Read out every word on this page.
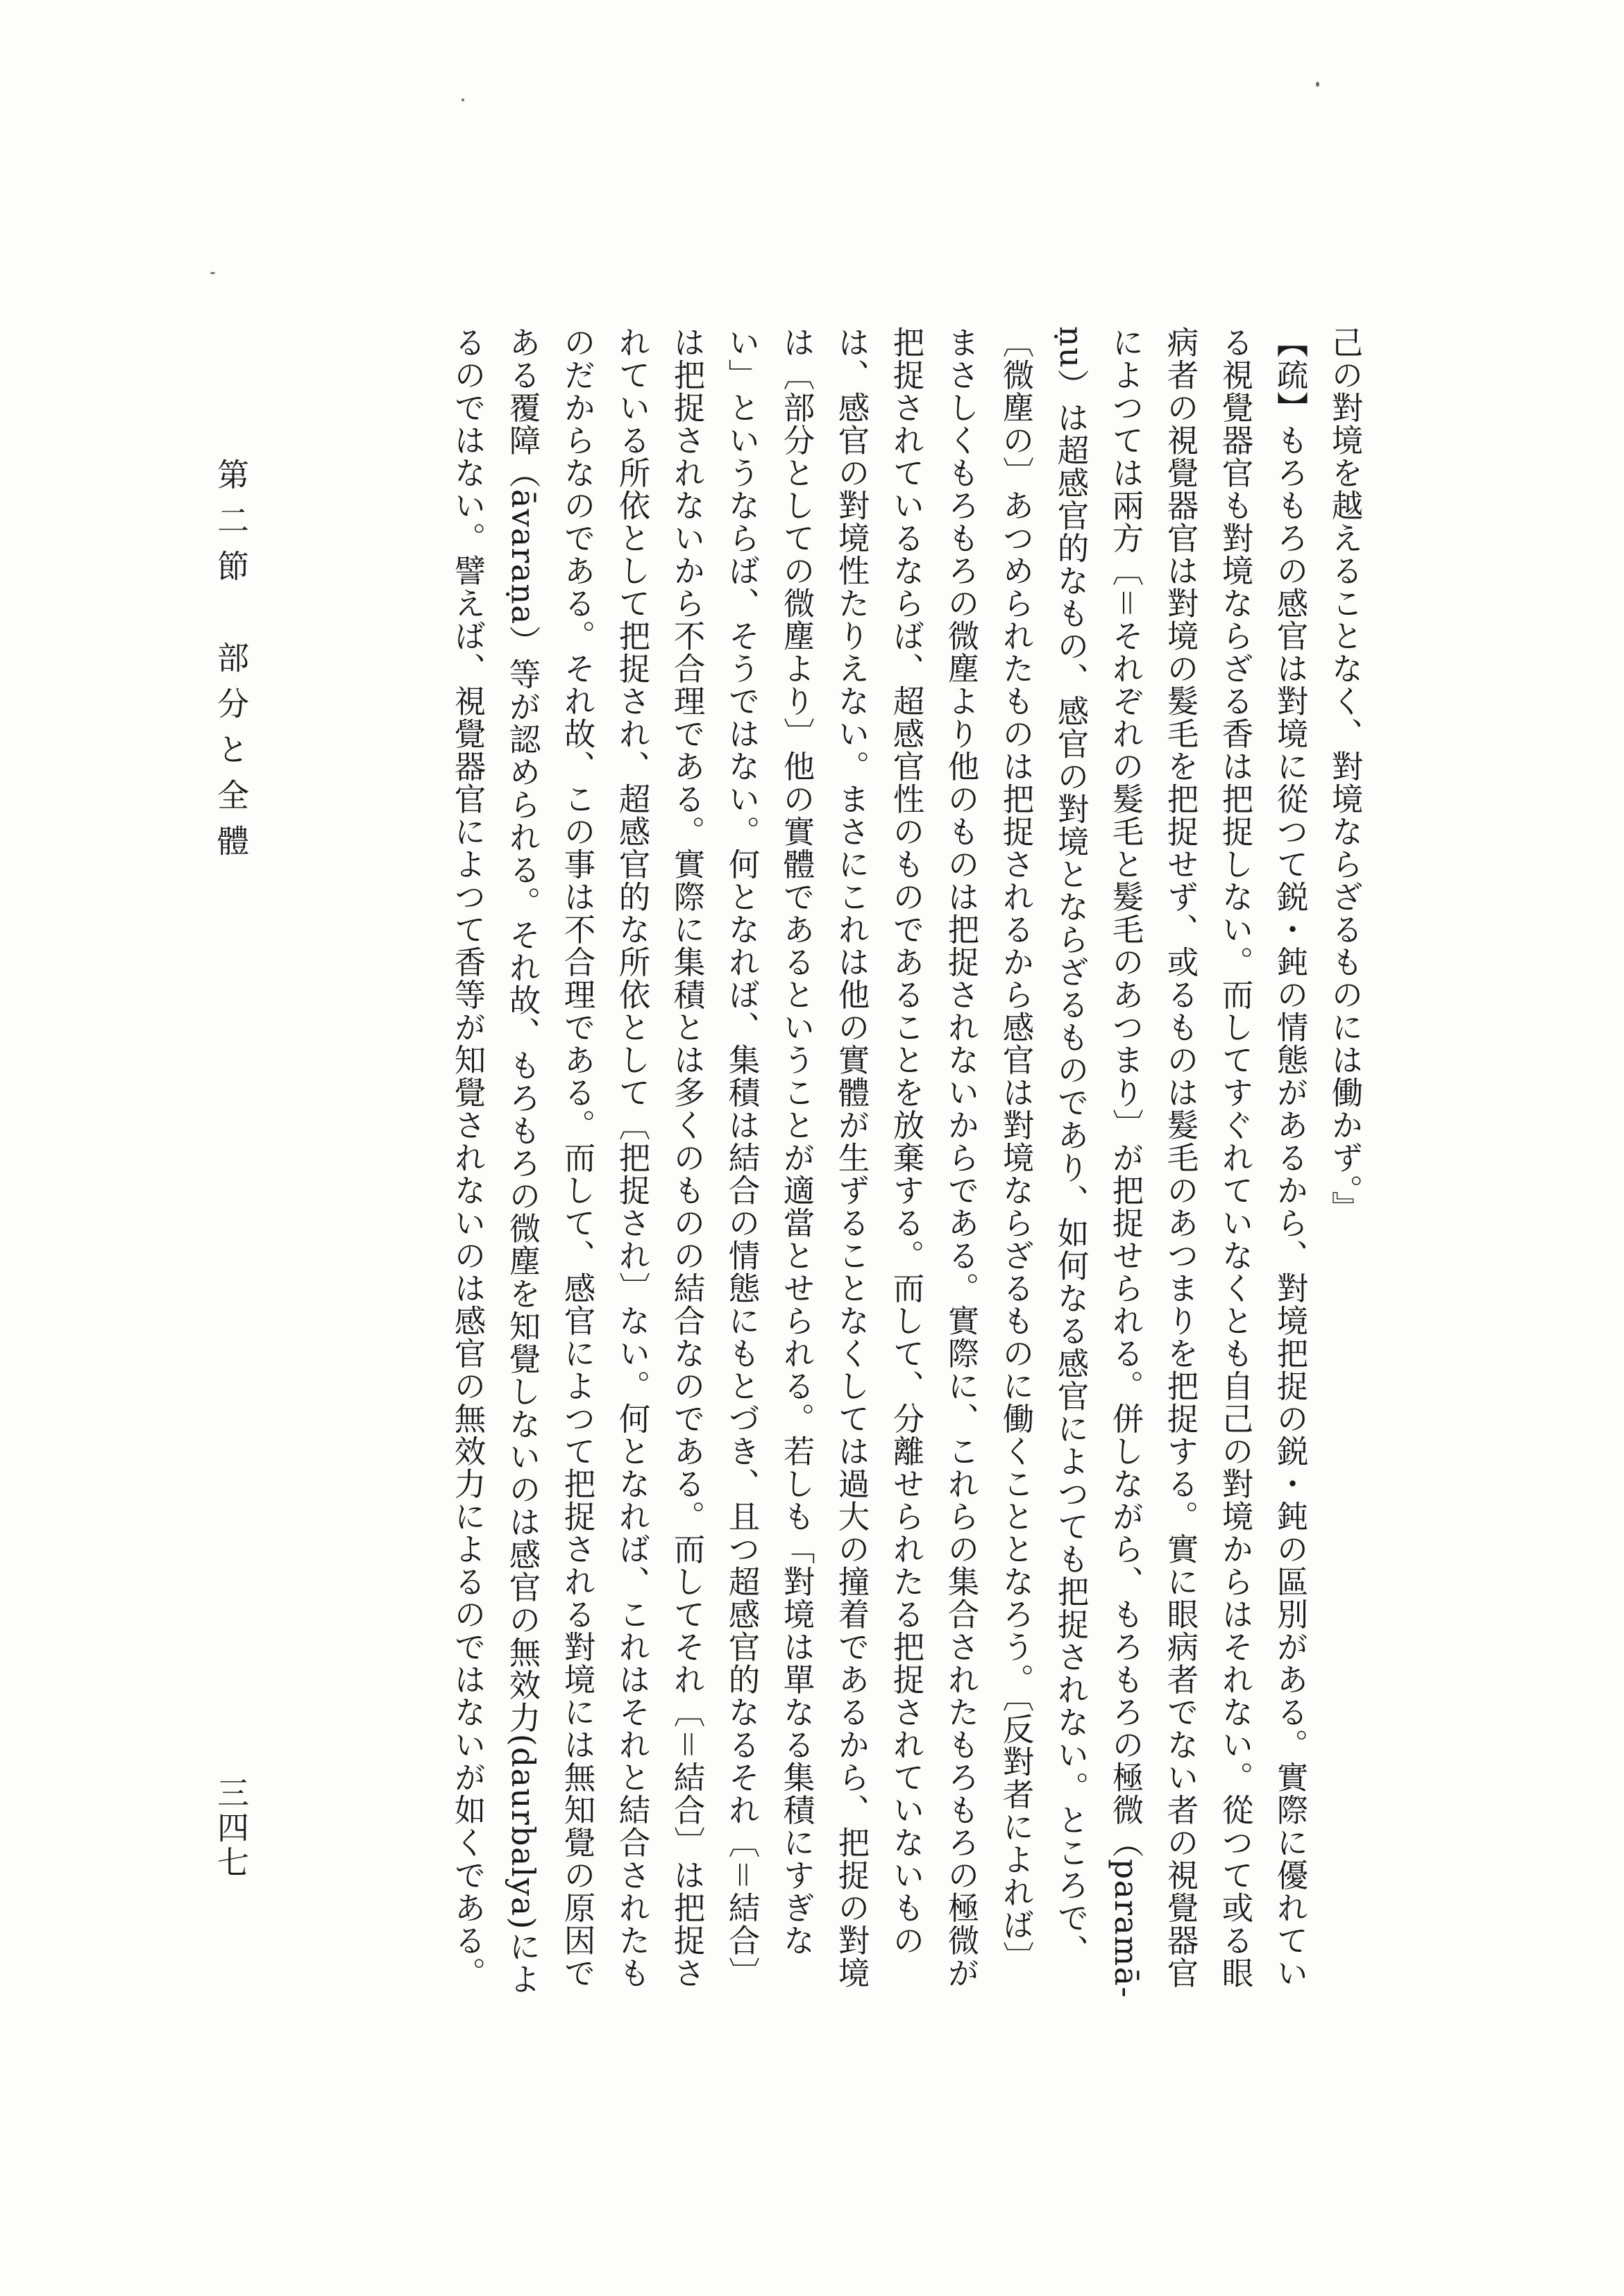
己の對境を越えることなく、對境ならざるものには働かず。』
【疏】もろもろの感官は對境に從つて鋭・鈍の情態があるから、對境把捉の鋭・鈍の區別がある。實際に優れてい
る視覺器官も對境ならざる香は把捉しない。而してすぐれていなくとも自己の對境からはそれない。從つて或る眼
病者の視覺器官は對境の髮毛を把捉せず、或るものは髮毛のあつまりを把捉する。實に眼病者でない者の視覺器官
によつては兩方〔＝それぞれの髮毛と髮毛のあつまり〕が把捉せられる。併しながら、もろもろの極微（paramā-
ṇu）は超感官的なもの、感官の對境とならざるものであり、如何なる感官によつても把捉されない。ところで、
〔微塵の〕あつめられたものは把捉されるから感官は對境ならざるものに働くこととなろう。〔反對者によれば〕
まさしくもろもろの微塵より他のものは把捉されないからである。實際に、これらの集合されたもろもろの極微が
把捉されているならば、超感官性のものであることを放棄する。而して、分離せられたる把捉されていないもの
は、感官の對境性たりえない。まさにこれは他の實體が生ずることなくしては過大の撞着であるから、把捉の對境
は〔部分としての微塵より〕他の實體であるということが適當とせられる。若しも「對境は單なる集積にすぎな
い」というならば、そうではない。何となれば、集積は結合の情態にもとづき、且つ超感官的なるそれ〔＝結合〕
は把捉されないから不合理である。實際に集積とは多くのものの結合なのである。而してそれ〔＝結合〕は把捉さ
れている所依として把捉され、超感官的な所依として〔把捉され〕ない。何となれば、これはそれと結合されたも
のだからなのである。それ故、この事は不合理である。而して、感官によつて把捉される對境には無知覺の原因で
ある覆障（āvaraṇa）等が認められる。それ故、もろもろの微塵を知覺しないのは感官の無效力(daurbalya)によ
るのではない。譬えば、視覺器官によつて香等が知覺されないのは感官の無效力によるのではないが如くである。
第二節　部分と全體
三四七
